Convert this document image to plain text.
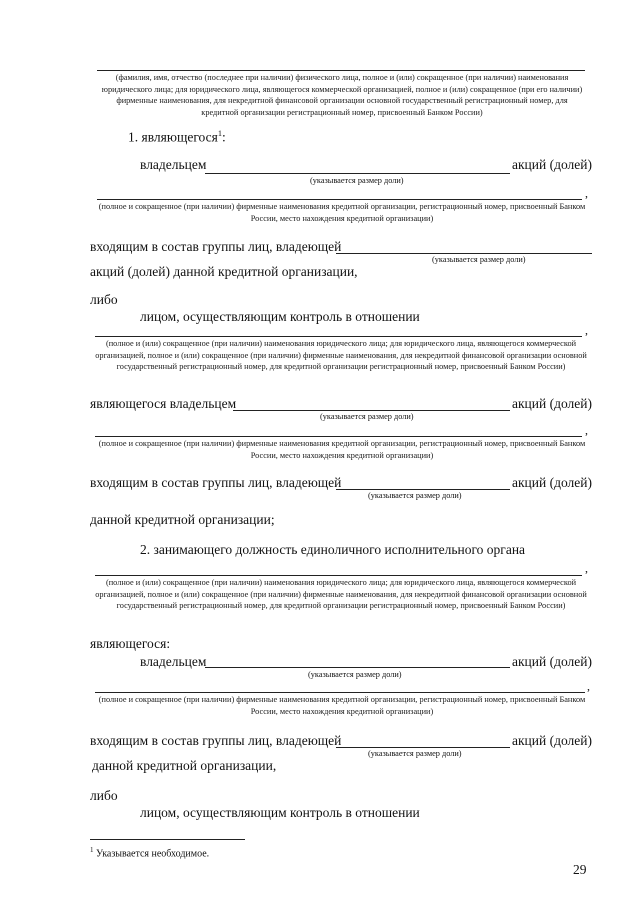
(фамилия, имя, отчество (последнее при наличии) физического лица, полное и (или) сокращенное (при наличии) наименования юридического лица; для юридического лица, являющегося коммерческой организацией, полное и (или) сокращенное (при его наличии) фирменные наименования, для некредитной финансовой организации основной государственный регистрационный номер, для кредитной организации регистрационный номер, присвоенный Банком России)
1. являющегося$^1$:
владельцем	акций (долей)
(указывается размер доли)
,
(полное и сокращенное (при наличии) фирменные наименования кредитной организации, регистрационный номер, присвоенный Банком России, место нахождения кредитной организации)
входящим в состав группы лиц, владеющей
(указывается размер доли)
акций (долей) данной кредитной организации,
либо
лицом, осуществляющим контроль в отношении
,
(полное и (или) сокращенное (при наличии) наименования юридического лица; для юридического лица, являющегося коммерческой организацией, полное и (или) сокращенное (при наличии) фирменные наименования, для некредитной финансовой организации основной государственный регистрационный номер, для кредитной организации регистрационный номер, присвоенный Банком России)
являющегося владельцем	акций (долей)
(указывается размер доли)
,
(полное и сокращенное (при наличии) фирменные наименования кредитной организации, регистрационный номер, присвоенный Банком России, место нахождения кредитной организации)
входящим в состав группы лиц, владеющей	акций (долей)
(указывается размер доли)
данной кредитной организации;
2. занимающего должность единоличного исполнительного органа
,
(полное и (или) сокращенное (при наличии) наименования юридического лица; для юридического лица, являющегося коммерческой организацией, полное и (или) сокращенное (при наличии) фирменные наименования, для некредитной финансовой организации основной государственный регистрационный номер, для кредитной организации регистрационный номер, присвоенный Банком России)
являющегося:
владельцем	акций (долей)
(указывается размер доли)
,
(полное и сокращенное (при наличии) фирменные наименования кредитной организации, регистрационный номер, присвоенный Банком России, место нахождения кредитной организации)
входящим в состав группы лиц, владеющей	акций (долей)
(указывается размер доли)
данной кредитной организации,
либо
лицом, осуществляющим контроль в отношении
$^1$ Указывается необходимое.
29
